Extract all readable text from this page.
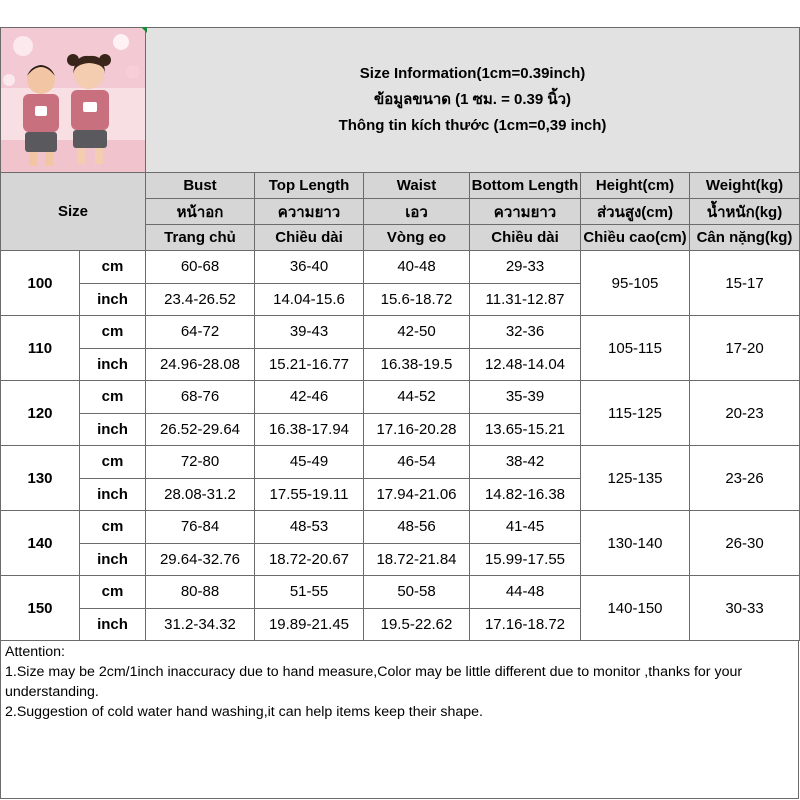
Size Information(1cm=0.39inch)
ข้อมูลขนาด (1 ซม. = 0.39 นิ้ว)
Thông tin kích thước (1cm=0,39 inch)					

Size		Bust	Top Length	Waist	Bottom Length	Height(cm)	Weight(kg)
		หน้าอก	ความยาว	เอว	ความยาว	ส่วนสูง(cm)	น้ำหนัก(kg)
		Trang chủ	Chiều dài	Vòng eo	Chiều dài	Chiều cao(cm)	Cân nặng(kg)
100	cm	60-68	36-40	40-48	29-33	95-105	15-17
	inch	23.4-26.52	14.04-15.6	15.6-18.72	11.31-12.87		
110	cm	64-72	39-43	42-50	32-36	105-115	17-20
	inch	24.96-28.08	15.21-16.77	16.38-19.5	12.48-14.04		
120	cm	68-76	42-46	44-52	35-39	115-125	20-23
	inch	26.52-29.64	16.38-17.94	17.16-20.28	13.65-15.21		
130	cm	72-80	45-49	46-54	38-42	125-135	23-26
	inch	28.08-31.2	17.55-19.11	17.94-21.06	14.82-16.38		
140	cm	76-84	48-53	48-56	41-45	130-140	26-30
	inch	29.64-32.76	18.72-20.67	18.72-21.84	15.99-17.55		
150	cm	80-88	51-55	50-58	44-48	140-150	30-33
	inch	31.2-34.32	19.89-21.45	19.5-22.62	17.16-18.72		
Attention:
1.Size may be 2cm/1inch inaccuracy due to hand measure,Color may be little different due to monitor ,thanks for your understanding.
2.Suggestion of cold water hand washing,it can help items keep their shape.
